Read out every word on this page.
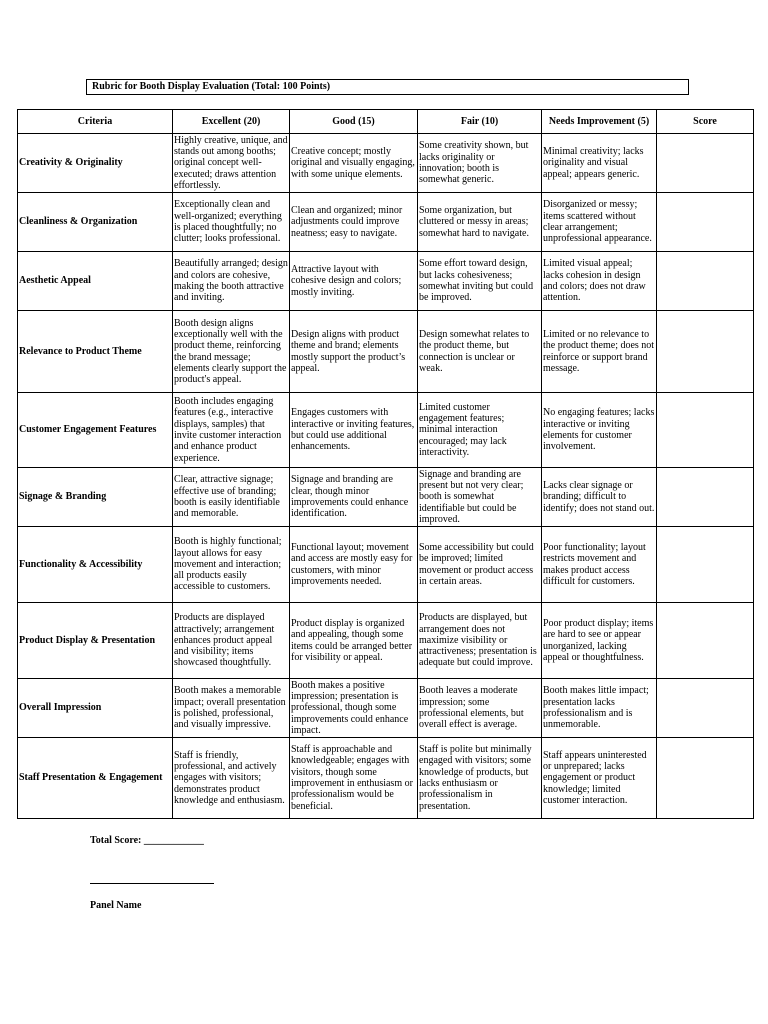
Rubric for Booth Display Evaluation (Total: 100 Points)
Criteria	Excellent (20)	Good (15)	Fair (10)	Needs Improvement (5)	Score
Creativity & Originality	Highly creative, unique, and stands out among booths; original concept well-executed; draws attention effortlessly.	Creative concept; mostly original and visually engaging, with some unique elements.	Some creativity shown, but lacks originality or innovation; booth is somewhat generic.	Minimal creativity; lacks originality and visual appeal; appears generic.	
Cleanliness & Organization	Exceptionally clean and well-organized; everything is placed thoughtfully; no clutter; looks professional.	Clean and organized; minor adjustments could improve neatness; easy to navigate.	Some organization, but cluttered or messy in areas; somewhat hard to navigate.	Disorganized or messy; items scattered without clear arrangement; unprofessional appearance.	
Aesthetic Appeal	Beautifully arranged; design and colors are cohesive, making the booth attractive and inviting.	Attractive layout with cohesive design and colors; mostly inviting.	Some effort toward design, but lacks cohesiveness; somewhat inviting but could be improved.	Limited visual appeal; lacks cohesion in design and colors; does not draw attention.	
Relevance to Product Theme	Booth design aligns exceptionally well with the product theme, reinforcing the brand message; elements clearly support the product's appeal.	Design aligns with product theme and brand; elements mostly support the product’s appeal.	Design somewhat relates to the product theme, but connection is unclear or weak.	Limited or no relevance to the product theme; does not reinforce or support brand message.	
Customer Engagement Features	Booth includes engaging features (e.g., interactive displays, samples) that invite customer interaction and enhance product experience.	Engages customers with interactive or inviting features, but could use additional enhancements.	Limited customer engagement features; minimal interaction encouraged; may lack interactivity.	No engaging features; lacks interactive or inviting elements for customer involvement.	
Signage & Branding	Clear, attractive signage; effective use of branding; booth is easily identifiable and memorable.	Signage and branding are clear, though minor improvements could enhance identification.	Signage and branding are present but not very clear; booth is somewhat identifiable but could be improved.	Lacks clear signage or branding; difficult to identify; does not stand out.	
Functionality & Accessibility	Booth is highly functional; layout allows for easy movement and interaction; all products easily accessible to customers.	Functional layout; movement and access are mostly easy for customers, with minor improvements needed.	Some accessibility but could be improved; limited movement or product access in certain areas.	Poor functionality; layout restricts movement and makes product access difficult for customers.	
Product Display & Presentation	Products are displayed attractively; arrangement enhances product appeal and visibility; items showcased thoughtfully.	Product display is organized and appealing, though some items could be arranged better for visibility or appeal.	Products are displayed, but arrangement does not maximize visibility or attractiveness; presentation is adequate but could improve.	Poor product display; items are hard to see or appear unorganized, lacking appeal or thoughtfulness.	
Overall Impression	Booth makes a memorable impact; overall presentation is polished, professional, and visually impressive.	Booth makes a positive impression; presentation is professional, though some improvements could enhance impact.	Booth leaves a moderate impression; some professional elements, but overall effect is average.	Booth makes little impact; presentation lacks professionalism and is unmemorable.	
Staff Presentation & Engagement	Staff is friendly, professional, and actively engages with visitors; demonstrates product knowledge and enthusiasm.	Staff is approachable and knowledgeable; engages with visitors, though some improvement in enthusiasm or professionalism would be beneficial.	Staff is polite but minimally engaged with visitors; some knowledge of products, but lacks enthusiasm or professionalism in presentation.	Staff appears uninterested or unprepared; lacks engagement or product knowledge; limited customer interaction.	
Total Score: ____________
Panel Name
